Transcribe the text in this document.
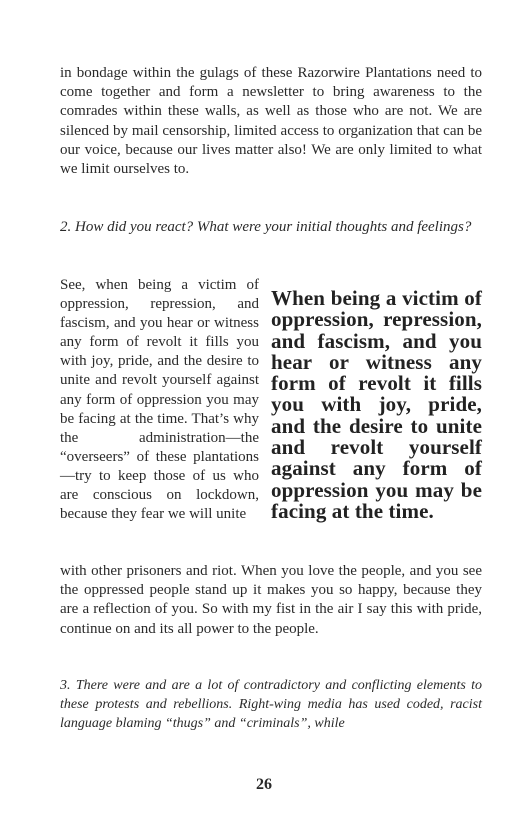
in bondage within the gulags of these Razorwire Plantations need to come together and form a newsletter to bring awareness to the comrades within these walls, as well as those who are not. We are silenced by mail censorship, limited access to organization that can be our voice, because our lives matter also! We are only limited to what we limit ourselves to.
2. How did you react? What were your initial thoughts and feelings?
See, when being a victim of oppression, repression, and fascism, and you hear or witness any form of revolt it fills you with joy, pride, and the desire to unite and revolt yourself against any form of oppression you may be facing at the time. That’s why the administration—the “overseers” of these plantations—try to keep those of us who are conscious on lockdown, because they fear we will unite
When being a victim of oppression, repression, and fascism, and you hear or witness any form of revolt it fills you with joy, pride, and the desire to unite and revolt yourself against any form of oppression you may be facing at the time.
with other prisoners and riot. When you love the people, and you see the oppressed people stand up it makes you so happy, because they are a reflection of you. So with my fist in the air I say this with pride, continue on and its all power to the people.
3. There were and are a lot of contradictory and conflicting elements to these protests and rebellions. Right-wing media has used coded, racist language blaming “thugs” and “criminals”, while
26
